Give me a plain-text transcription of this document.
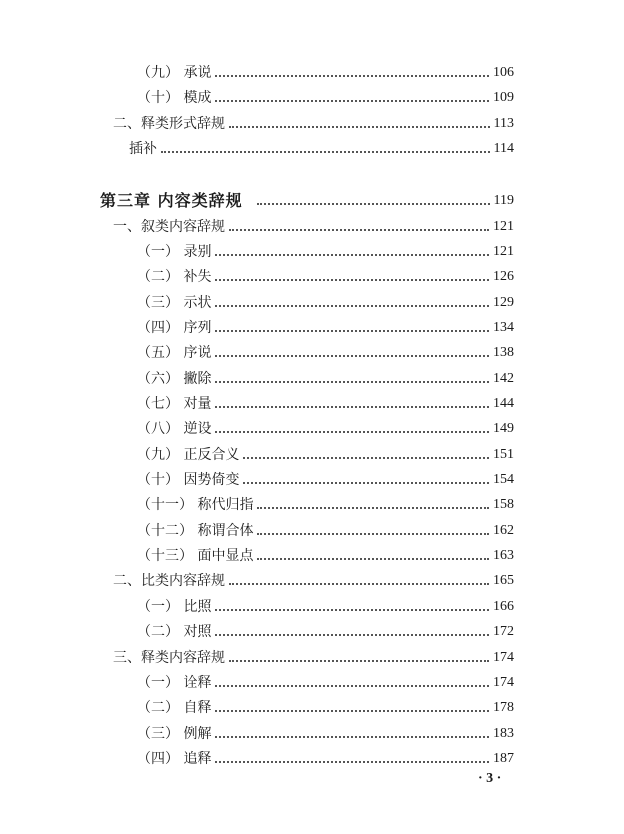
（九） 承说	106
（十） 模成	109
二、释类形式辞规	113
插补	114
第三章 内容类辞规	119
一、叙类内容辞规	121
（一） 录别	121
（二） 补失	126
（三） 示状	129
（四） 序列	134
（五） 序说	138
（六） 撇除	142
（七） 对量	144
（八） 逆设	149
（九） 正反合义	151
（十） 因势倚变	154
（十一） 称代归指	158
（十二） 称谓合体	162
（十三） 面中显点	163
二、比类内容辞规	165
（一） 比照	166
（二） 对照	172
三、释类内容辞规	174
（一） 诠释	174
（二） 自释	178
（三） 例解	183
（四） 追释	187
· 3 ·
